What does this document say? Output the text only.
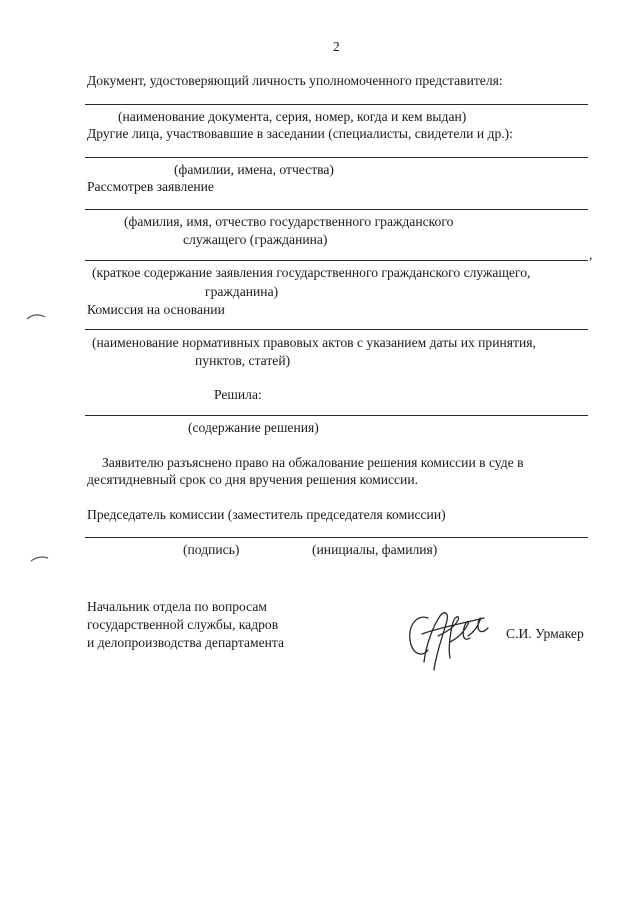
2
Документ, удостоверяющий личность уполномоченного представителя:
(наименование документа, серия, номер, когда и кем выдан)
Другие лица, участвовавшие в заседании (специалисты, свидетели и др.):
(фамилии, имена, отчества)
Рассмотрев заявление
(фамилия, имя, отчество государственного гражданского
служащего (гражданина)
,
(краткое содержание заявления государственного гражданского служащего,
гражданина)
Комиссия на основании
(наименование нормативных правовых актов с указанием даты их принятия,
пунктов, статей)
Решила:
(содержание решения)
Заявителю разъяснено право на обжалование решения комиссии в суде в
десятидневный срок со дня вручения решения комиссии.
Председатель комиссии (заместитель председателя комиссии)
(подпись)	(инициалы, фамилия)
Начальник отдела по вопросам
государственной службы, кадров
и делопроизводства департамента
С.И. Урмакер
